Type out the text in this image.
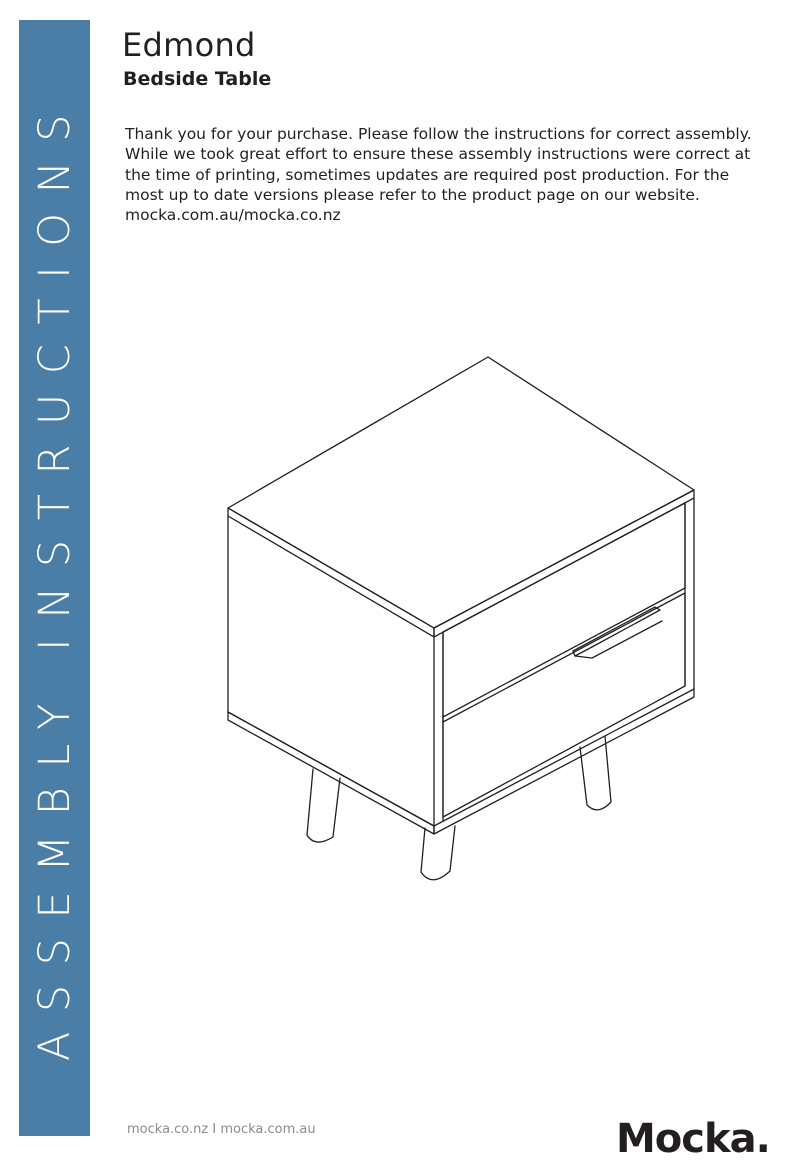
ASSEMBLY INSTRUCTIONS
Edmond
Bedside Table

Thank you for your purchase. Please follow the instructions for correct assembly. While we took great effort to ensure these assembly instructions were correct at the time of printing, sometimes updates are required post production. For the most up to date versions please refer to the product page on our website. mocka.com.au/mocka.co.nz

mocka.co.nz I mocka.com.au	Mocka.
